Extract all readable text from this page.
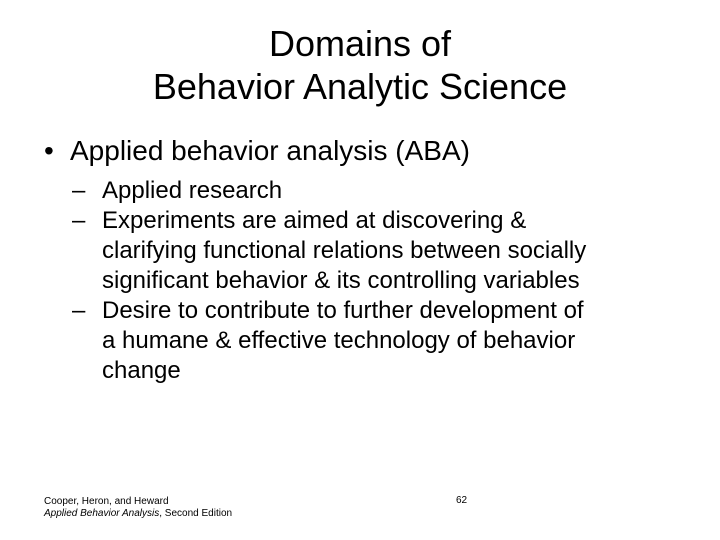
Domains of
Behavior Analytic Science
• Applied behavior analysis (ABA)
– Applied research
– Experiments are aimed at discovering &
clarifying functional relations between socially
significant behavior & its controlling variables
– Desire to contribute to further development of
a humane & effective technology of behavior
change
Cooper, Heron, and Heward
Applied Behavior Analysis, Second Edition
62
